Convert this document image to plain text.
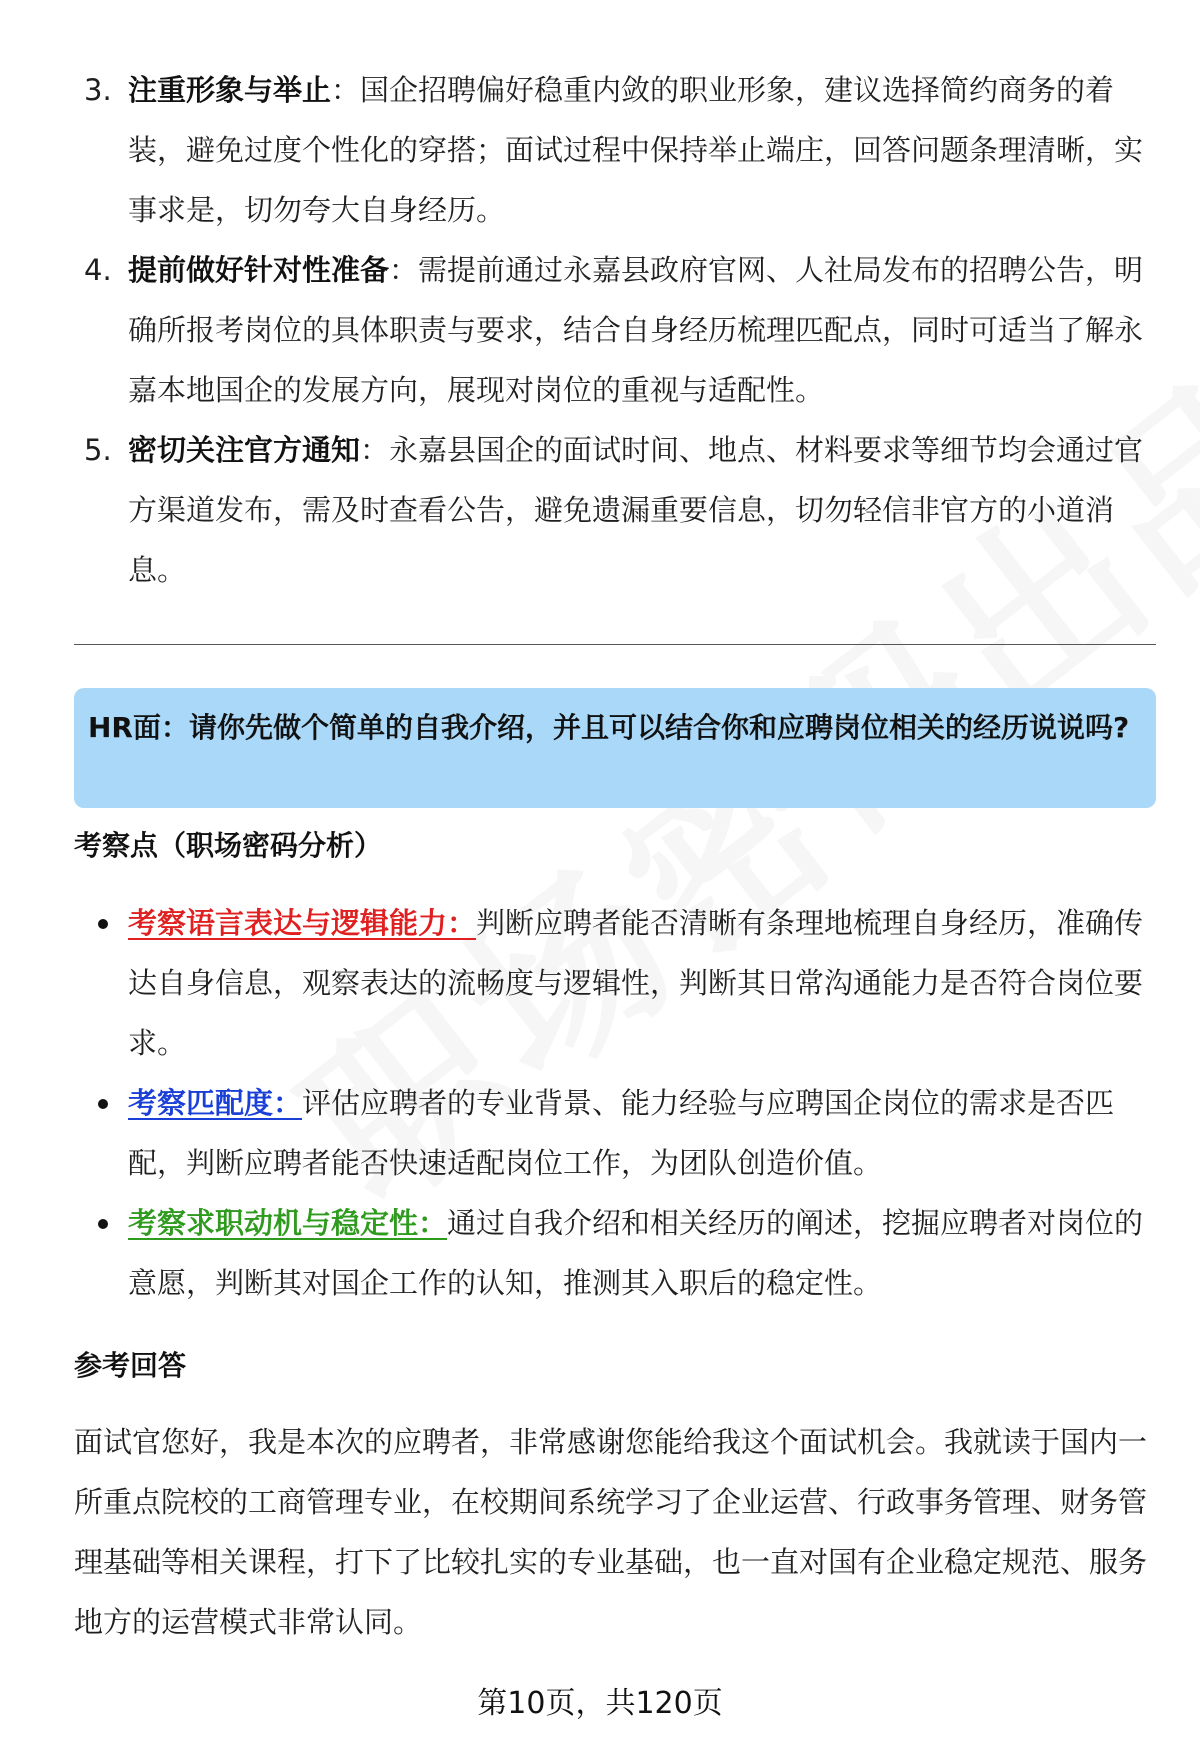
3. 注重形象与举止：国企招聘偏好稳重内敛的职业形象，建议选择简约商务的着装，避免过度个性化的穿搭；面试过程中保持举止端庄，回答问题条理清晰，实事求是，切勿夸大自身经历。
4. 提前做好针对性准备：需提前通过永嘉县政府官网、人社局发布的招聘公告，明确所报考岗位的具体职责与要求，结合自身经历梳理匹配点，同时可适当了解永嘉本地国企的发展方向，展现对岗位的重视与适配性。
5. 密切关注官方通知：永嘉县国企的面试时间、地点、材料要求等细节均会通过官方渠道发布，需及时查看公告，避免遗漏重要信息，切勿轻信非官方的小道消息。

HR面：请你先做个简单的自我介绍，并且可以结合你和应聘岗位相关的经历说说吗?

考察点（职场密码分析）
考察语言表达与逻辑能力：判断应聘者能否清晰有条理地梳理自身经历，准确传达自身信息，观察表达的流畅度与逻辑性，判断其日常沟通能力是否符合岗位要求。
考察匹配度：评估应聘者的专业背景、能力经验与应聘国企岗位的需求是否匹配，判断应聘者能否快速适配岗位工作，为团队创造价值。
考察求职动机与稳定性：通过自我介绍和相关经历的阐述，挖掘应聘者对岗位的意愿，判断其对国企工作的认知，推测其入职后的稳定性。
参考回答

面试官您好，我是本次的应聘者，非常感谢您能给我这个面试机会。我就读于国内一所重点院校的工商管理专业，在校期间系统学习了企业运营、行政事务管理、财务管理基础等相关课程，打下了比较扎实的专业基础，也一直对国有企业稳定规范、服务地方的运营模式非常认同。

第10页，共120页
